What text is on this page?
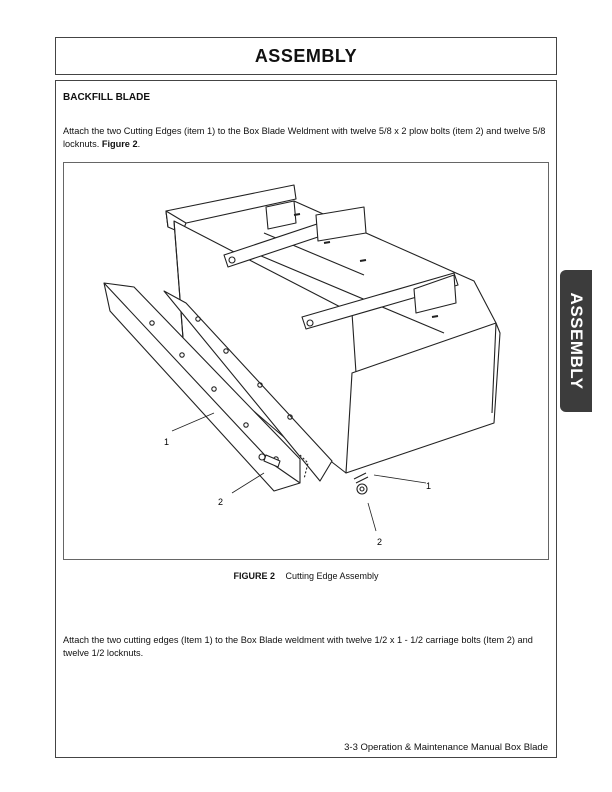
ASSEMBLY
BACKFILL BLADE
Attach the two Cutting Edges (item 1) to the Box Blade Weldment with twelve 5/8 x 2 plow bolts (item 2) and twelve 5/8 locknuts. Figure 2.
1
2
1
2
FIGURE 2 Cutting Edge Assembly
Attach the two cutting edges (Item 1) to the Box Blade weldment with twelve 1/2 x 1 - 1/2 carriage bolts (Item 2) and twelve 1/2 locknuts.
ASSEMBLY
3-3 Operation & Maintenance Manual Box Blade
